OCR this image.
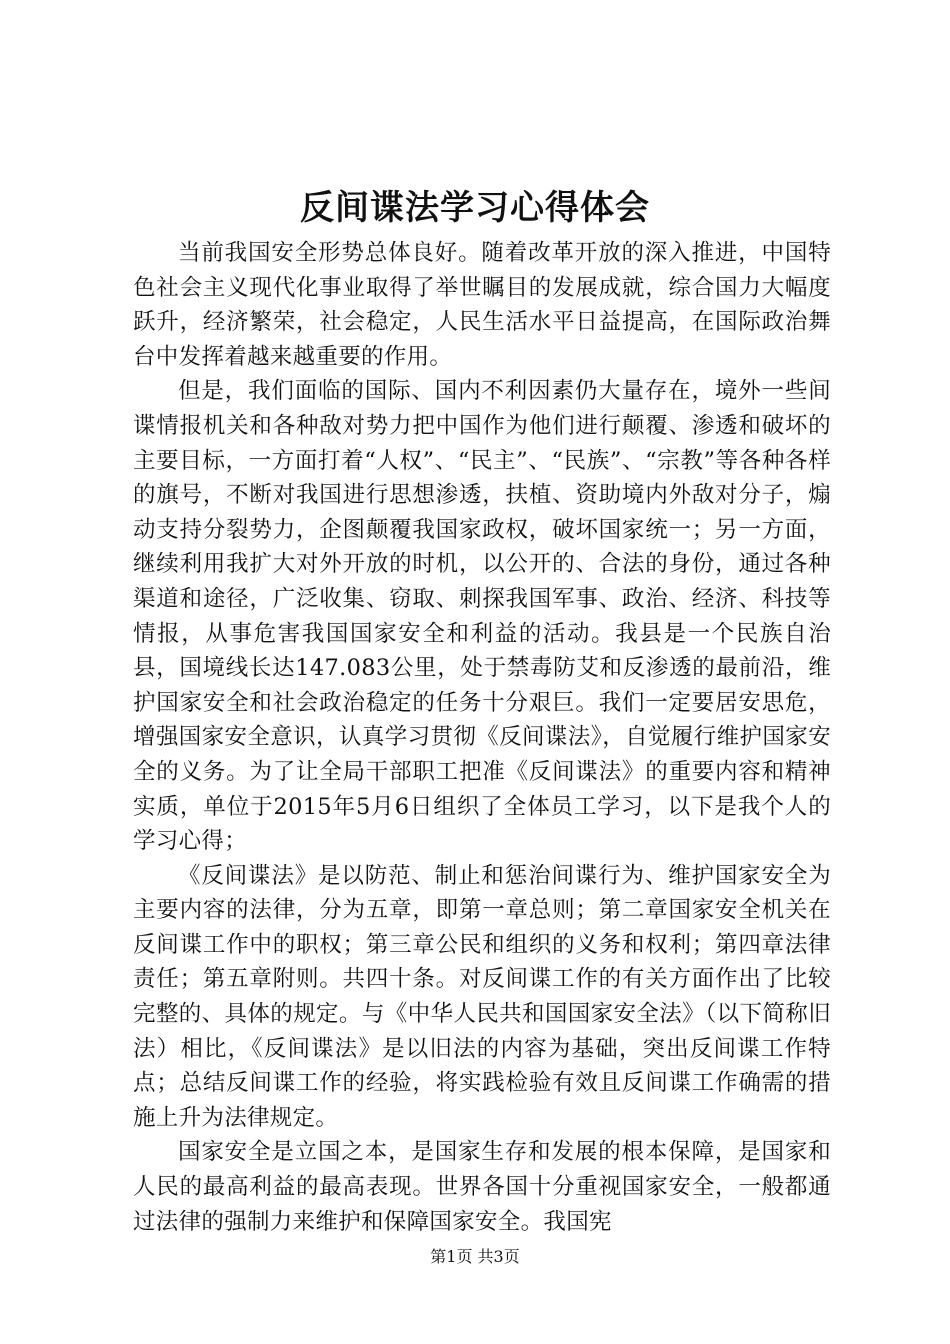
反间谍法学习心得体会

当前我国安全形势总体良好。随着改革开放的深入推进，中国特色社会主义现代化事业取得了举世瞩目的发展成就，综合国力大幅度跃升，经济繁荣，社会稳定，人民生活水平日益提高，在国际政治舞台中发挥着越来越重要的作用。

但是，我们面临的国际、国内不利因素仍大量存在，境外一些间谍情报机关和各种敌对势力把中国作为他们进行颠覆、渗透和破坏的主要目标，一方面打着“人权”、“民主”、“民族”、“宗教”等各种各样的旗号，不断对我国进行思想渗透，扶植、资助境内外敌对分子，煽动支持分裂势力，企图颠覆我国家政权，破坏国家统一；另一方面，继续利用我扩大对外开放的时机，以公开的、合法的身份，通过各种渠道和途径，广泛收集、窃取、刺探我国军事、政治、经济、科技等情报，从事危害我国国家安全和利益的活动。我县是一个民族自治县，国境线长达147.083公里，处于禁毒防艾和反渗透的最前沿，维护国家安全和社会政治稳定的任务十分艰巨。我们一定要居安思危，增强国家安全意识，认真学习贯彻《反间谍法》，自觉履行维护国家安全的义务。为了让全局干部职工把准《反间谍法》的重要内容和精神实质，单位于2015年5月6日组织了全体员工学习，以下是我个人的学习心得；

《反间谍法》是以防范、制止和惩治间谍行为、维护国家安全为主要内容的法律，分为五章，即第一章总则；第二章国家安全机关在反间谍工作中的职权；第三章公民和组织的义务和权利；第四章法律责任；第五章附则。共四十条。对反间谍工作的有关方面作出了比较完整的、具体的规定。与《中华人民共和国国家安全法》（以下简称旧法）相比，《反间谍法》是以旧法的内容为基础，突出反间谍工作特点；总结反间谍工作的经验，将实践检验有效且反间谍工作确需的措施上升为法律规定。

国家安全是立国之本，是国家生存和发展的根本保障，是国家和人民的最高利益的最高表现。世界各国十分重视国家安全，一般都通过法律的强制力来维护和保障国家安全。我国宪

第1页 共3页
